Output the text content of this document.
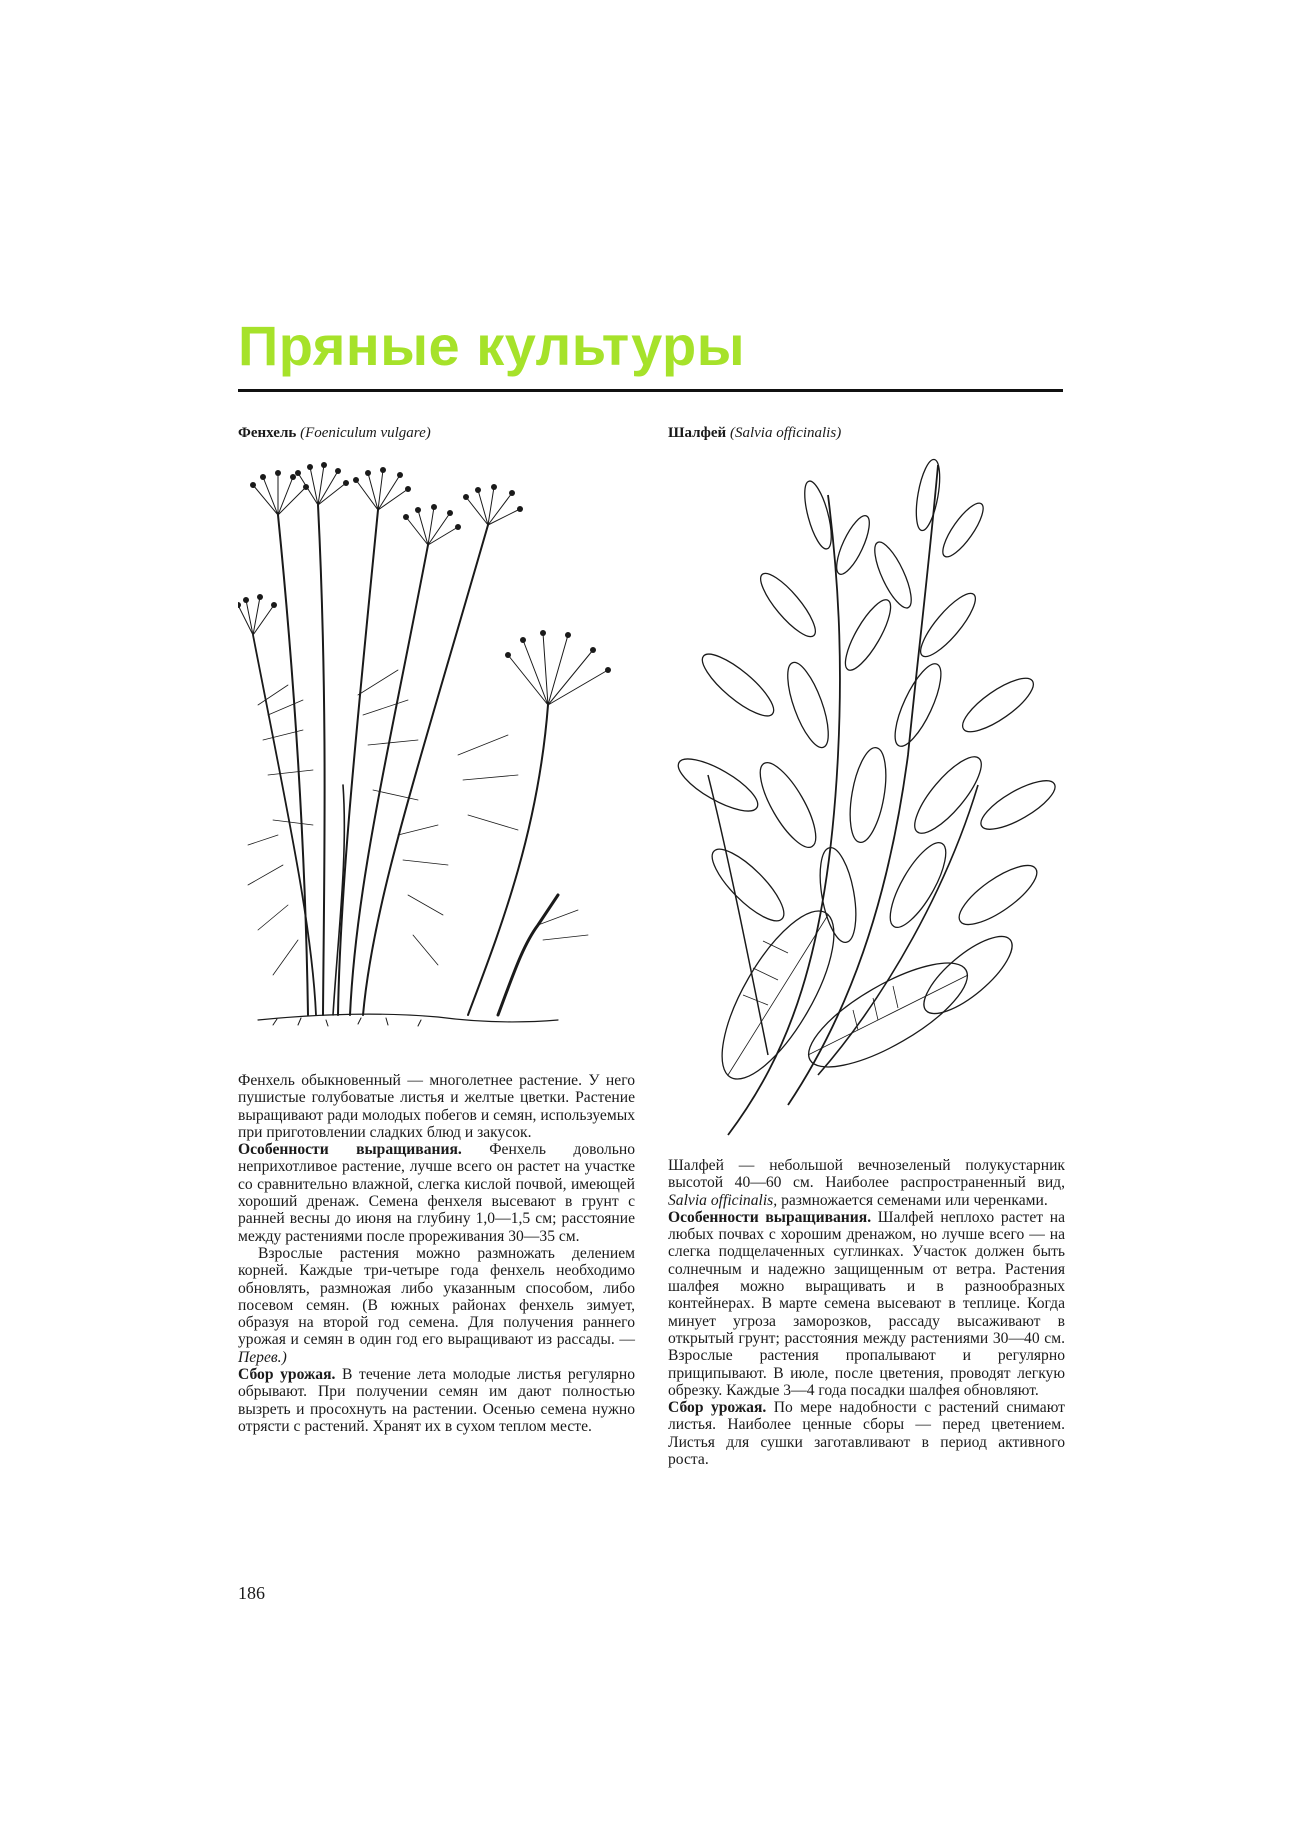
Пряные культуры
Фенхель (Foeniculum vulgare)	Шалфей (Salvia officinalis)

Фенхель обыкновенный — многолетнее растение. У него пушистые голубоватые листья и желтые цветки. Растение выращивают ради молодых побегов и семян, используемых при приготовлении сладких блюд и закусок.

Особенности выращивания. Фенхель довольно неприхотливое растение, лучше всего он растет на участке со сравнительно влажной, слегка кислой почвой, имеющей хороший дренаж. Семена фенхеля высевают в грунт с ранней весны до июня на глубину 1,0—1,5 см; расстояние между растениями после прореживания 30—35 см.

Взрослые растения можно размножать делением корней. Каждые три-четыре года фенхель необходимо обновлять, размножая либо указанным способом, либо посевом семян. (В южных районах фенхель зимует, образуя на второй год семена. Для получения раннего урожая и семян в один год его выращивают из рассады. — Перев.)

Сбор урожая. В течение лета молодые листья регулярно обрывают. При получении семян им дают полностью вызреть и просохнуть на растении. Осенью семена нужно отрясти с растений. Хранят их в сухом теплом месте.

Шалфей — небольшой вечнозеленый полукустарник высотой 40—60 см. Наиболее распространенный вид, Salvia officinalis, размножается семенами или черенками.

Особенности выращивания. Шалфей неплохо растет на любых почвах с хорошим дренажом, но лучше всего — на слегка подщелаченных суглинках. Участок должен быть солнечным и надежно защищенным от ветра. Растения шалфея можно выращивать и в разнообразных контейнерах. В марте семена высевают в теплице. Когда минует угроза заморозков, рассаду высаживают в открытый грунт; расстояния между растениями 30—40 см. Взрослые растения пропалывают и регулярно прищипывают. В июле, после цветения, проводят легкую обрезку. Каждые 3—4 года посадки шалфея обновляют.

Сбор урожая. По мере надобности с растений снимают листья. Наиболее ценные сборы — перед цветением. Листья для сушки заготавливают в период активного роста.

186
